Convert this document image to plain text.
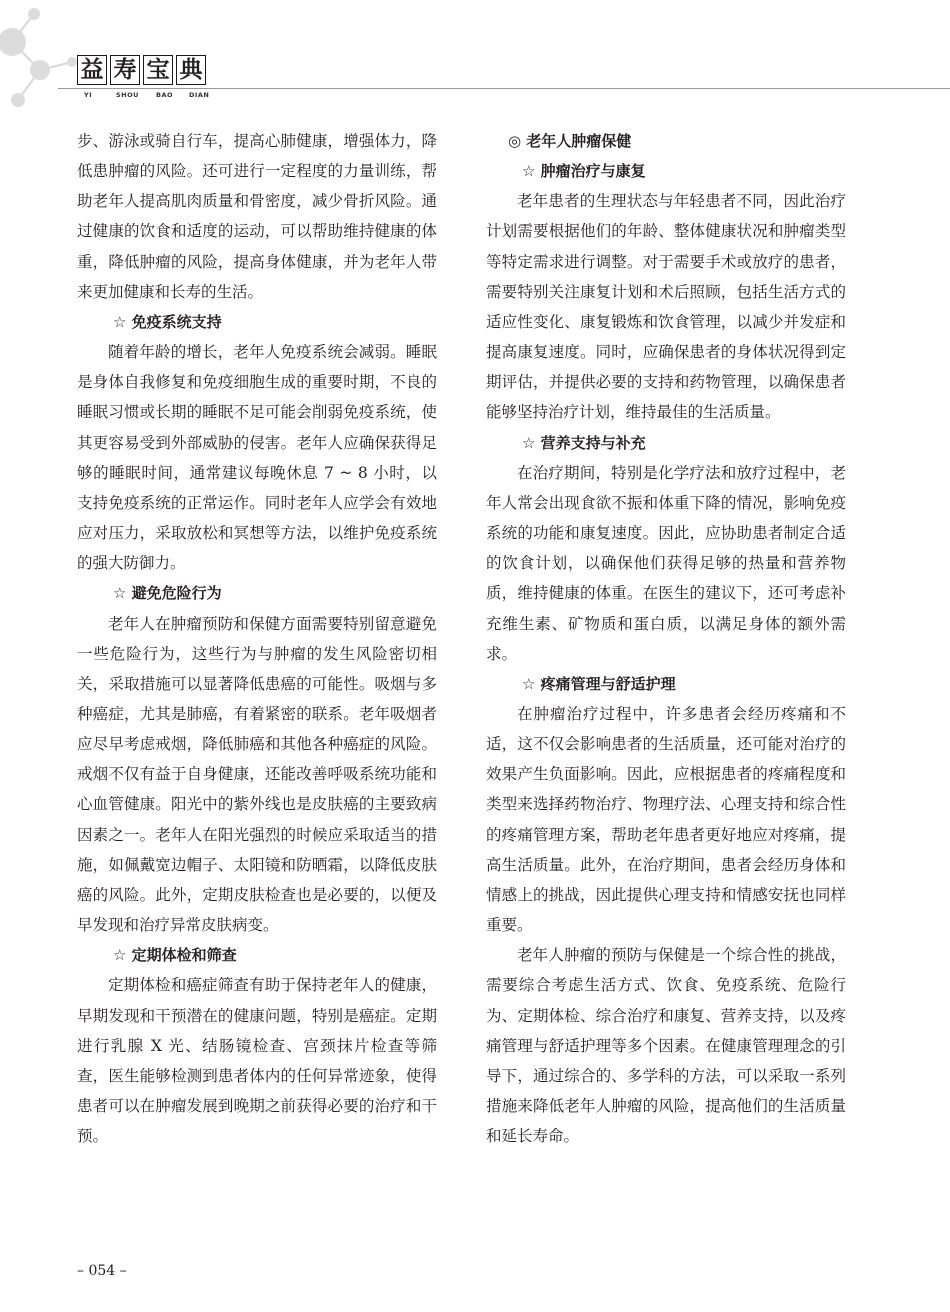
益 寿 宝 典
YI	SHOU	BAO DIAN

步、游泳或骑自行车，提高心肺健康，增强体力，降低患肿瘤的风险。还可进行一定程度的力量训练，帮助老年人提高肌肉质量和骨密度，减少骨折风险。通过健康的饮食和适度的运动，可以帮助维持健康的体重，降低肿瘤的风险，提高身体健康，并为老年人带来更加健康和长寿的生活。

☆ 免疫系统支持

随着年龄的增长，老年人免疫系统会减弱。睡眠是身体自我修复和免疫细胞生成的重要时期，不良的睡眠习惯或长期的睡眠不足可能会削弱免疫系统，使其更容易受到外部威胁的侵害。老年人应确保获得足够的睡眠时间，通常建议每晚休息 7 ~ 8 小时，以支持免疫系统的正常运作。同时老年人应学会有效地应对压力，采取放松和冥想等方法，以维护免疫系统的强大防御力。

☆ 避免危险行为

老年人在肿瘤预防和保健方面需要特别留意避免一些危险行为，这些行为与肿瘤的发生风险密切相关，采取措施可以显著降低患癌的可能性。吸烟与多种癌症，尤其是肺癌，有着紧密的联系。老年吸烟者应尽早考虑戒烟，降低肺癌和其他各种癌症的风险。戒烟不仅有益于自身健康，还能改善呼吸系统功能和心血管健康。阳光中的紫外线也是皮肤癌的主要致病因素之一。老年人在阳光强烈的时候应采取适当的措施，如佩戴宽边帽子、太阳镜和防晒霜，以降低皮肤癌的风险。此外，定期皮肤检查也是必要的，以便及早发现和治疗异常皮肤病变。

☆ 定期体检和筛查

定期体检和癌症筛查有助于保持老年人的健康，早期发现和干预潜在的健康问题，特别是癌症。定期进行乳腺 X 光、结肠镜检查、宫颈抹片检查等筛查，医生能够检测到患者体内的任何异常迹象，使得患者可以在肿瘤发展到晚期之前获得必要的治疗和干预。

◎ 老年人肿瘤保健

☆ 肿瘤治疗与康复

老年患者的生理状态与年轻患者不同，因此治疗计划需要根据他们的年龄、整体健康状况和肿瘤类型等特定需求进行调整。对于需要手术或放疗的患者，需要特别关注康复计划和术后照顾，包括生活方式的适应性变化、康复锻炼和饮食管理，以减少并发症和提高康复速度。同时，应确保患者的身体状况得到定期评估，并提供必要的支持和药物管理，以确保患者能够坚持治疗计划，维持最佳的生活质量。

☆ 营养支持与补充

在治疗期间，特别是化学疗法和放疗过程中，老年人常会出现食欲不振和体重下降的情况，影响免疫系统的功能和康复速度。因此，应协助患者制定合适的饮食计划，以确保他们获得足够的热量和营养物质，维持健康的体重。在医生的建议下，还可考虑补充维生素、矿物质和蛋白质，以满足身体的额外需求。

☆ 疼痛管理与舒适护理

在肿瘤治疗过程中，许多患者会经历疼痛和不适，这不仅会影响患者的生活质量，还可能对治疗的效果产生负面影响。因此，应根据患者的疼痛程度和类型来选择药物治疗、物理疗法、心理支持和综合性的疼痛管理方案，帮助老年患者更好地应对疼痛，提高生活质量。此外，在治疗期间，患者会经历身体和情感上的挑战，因此提供心理支持和情感安抚也同样重要。

老年人肿瘤的预防与保健是一个综合性的挑战，需要综合考虑生活方式、饮食、免疫系统、危险行为、定期体检、综合治疗和康复、营养支持，以及疼痛管理与舒适护理等多个因素。在健康管理理念的引导下，通过综合的、多学科的方法，可以采取一系列措施来降低老年人肿瘤的风险，提高他们的生活质量和延长寿命。

– 054 –
